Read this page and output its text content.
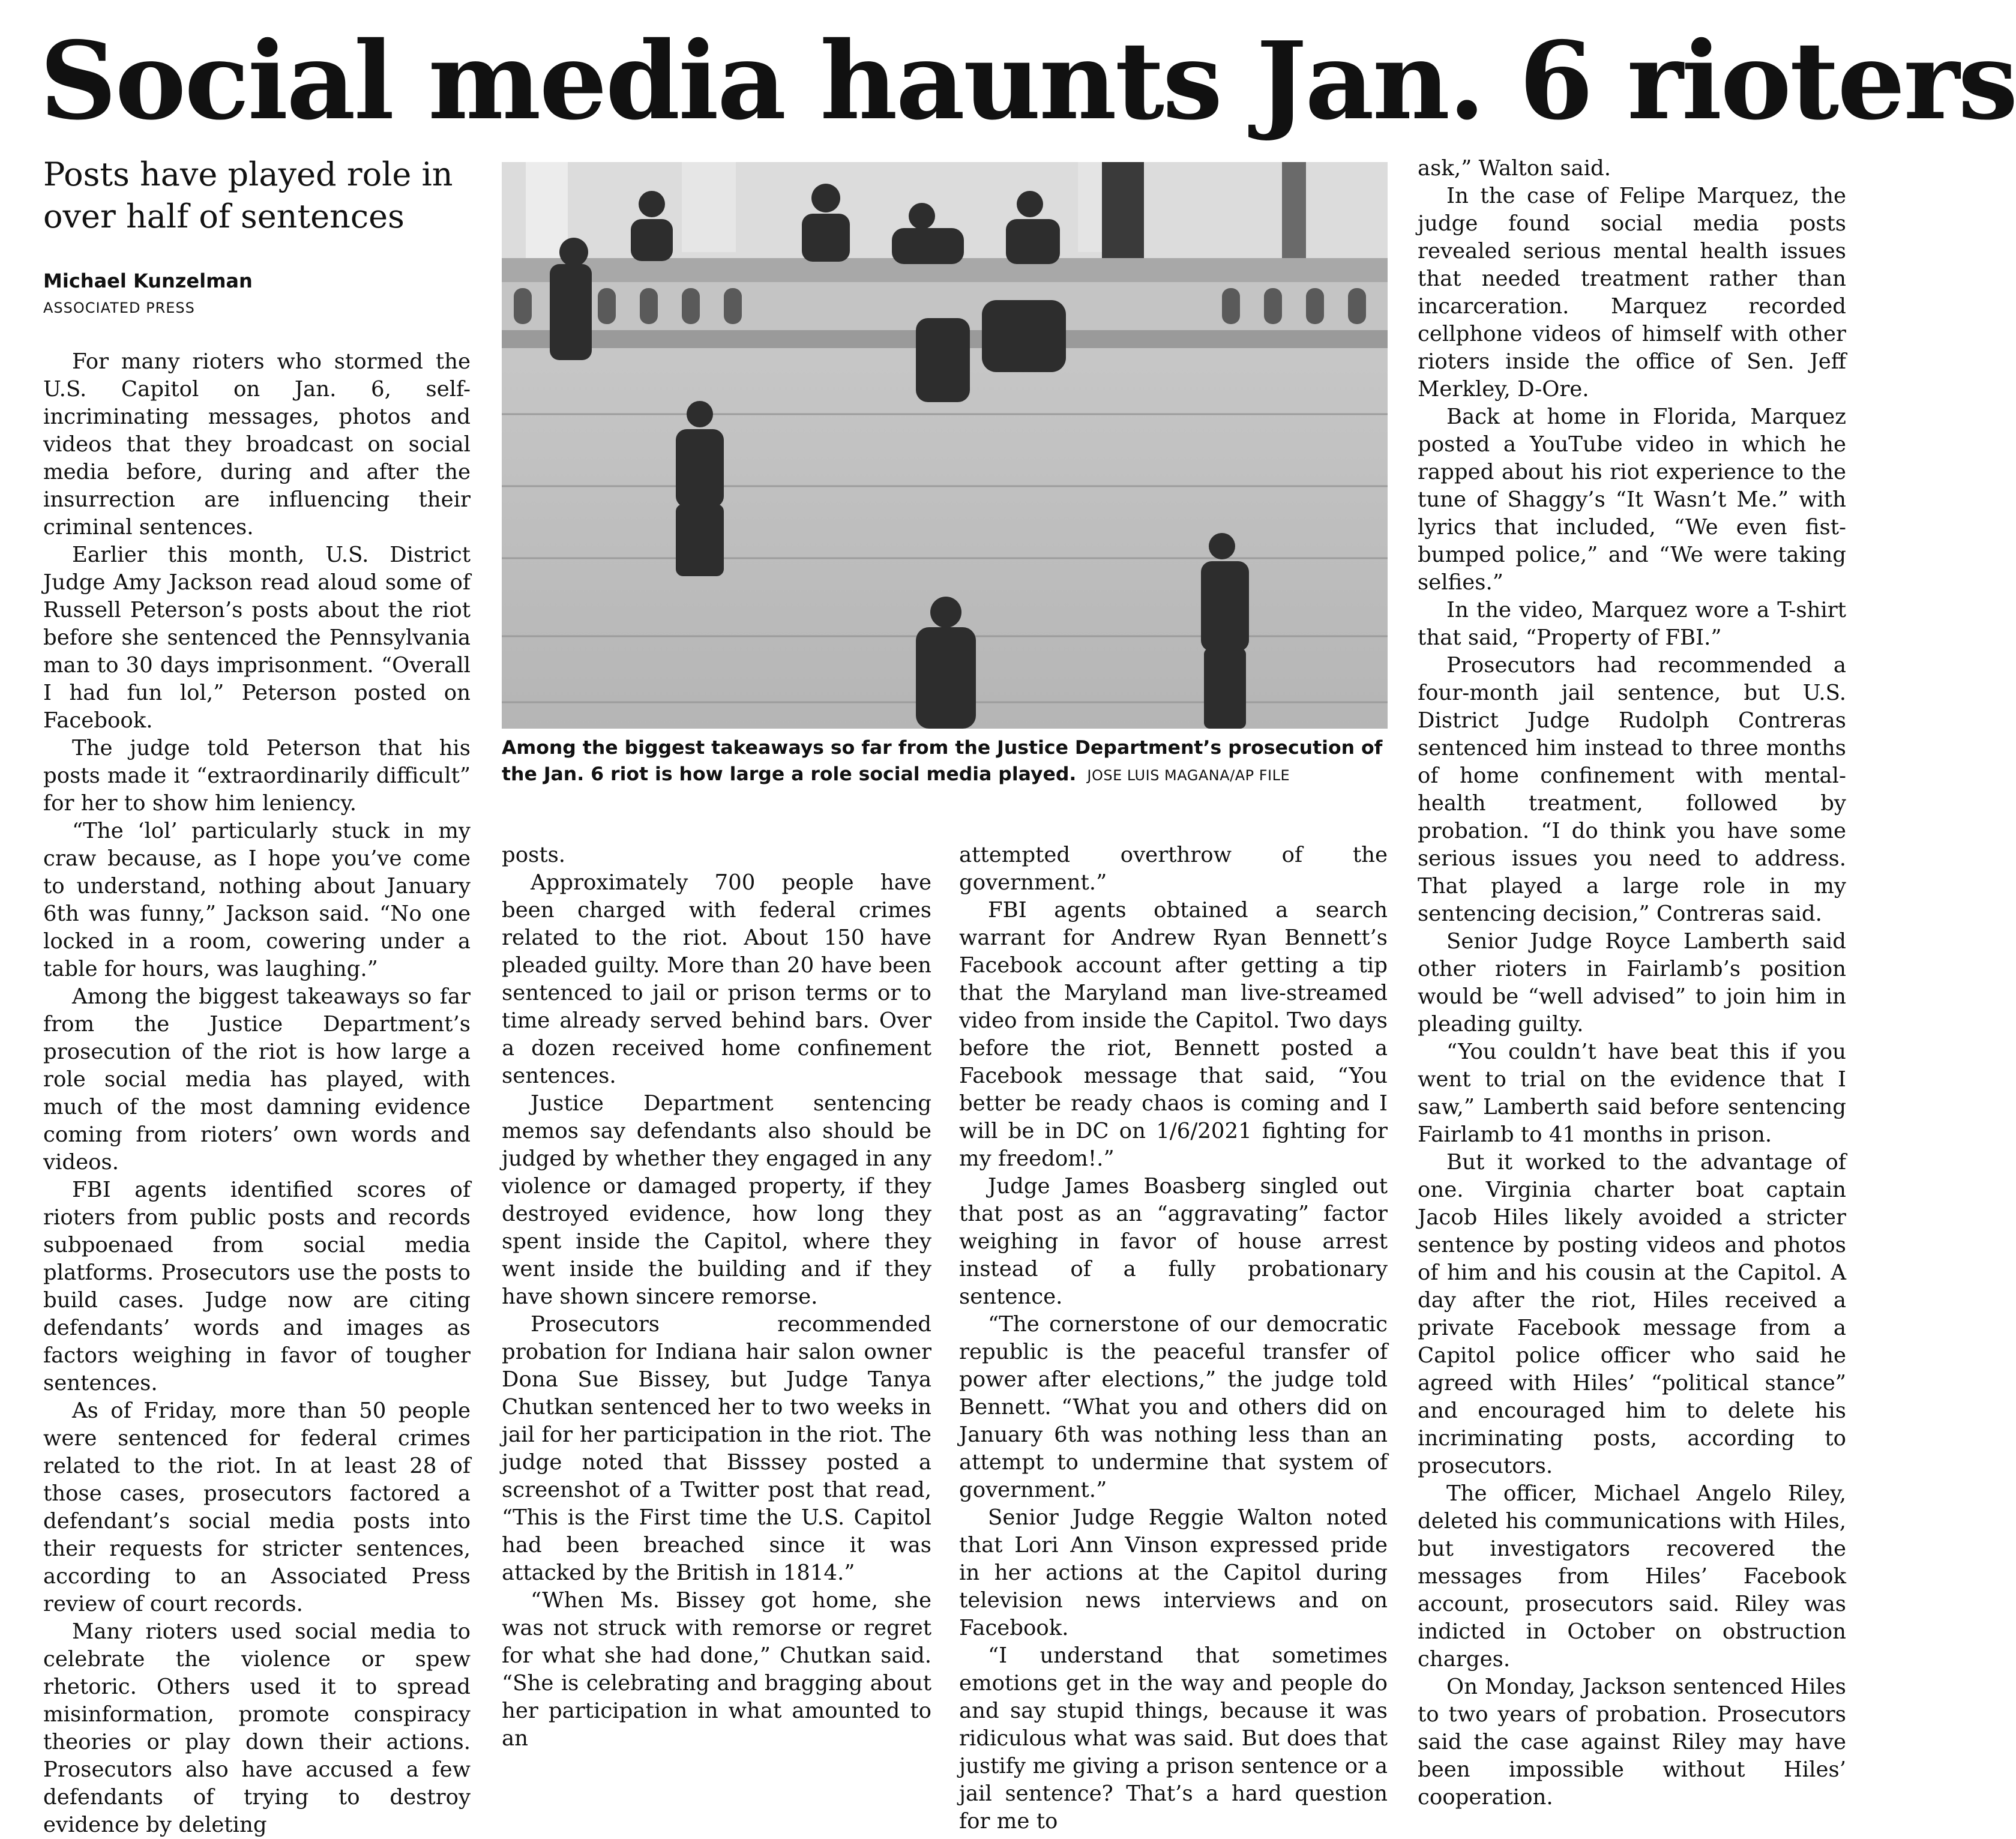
Social media haunts Jan. 6 rioters
Posts have played role in over half of sentences
Michael Kunzelman
ASSOCIATED PRESS

For many rioters who stormed the U.S. Capitol on Jan. 6, self-incriminating messages, photos and videos that they broadcast on social media before, during and after the insurrection are influencing their criminal sentences.

Earlier this month, U.S. District Judge Amy Jackson read aloud some of Russell Peterson’s posts about the riot before she sentenced the Pennsylvania man to 30 days imprisonment. “Overall I had fun lol,” Peterson posted on Facebook.

The judge told Peterson that his posts made it “extraordinarily difficult” for her to show him leniency.

“The ‘lol’ particularly stuck in my craw because, as I hope you’ve come to understand, nothing about January 6th was funny,” Jackson said. “No one locked in a room, cowering under a table for hours, was laughing.”

Among the biggest takeaways so far from the Justice Department’s prosecution of the riot is how large a role social media has played, with much of the most damning evidence coming from rioters’ own words and videos.

FBI agents identified scores of rioters from public posts and records subpoenaed from social media platforms. Prosecutors use the posts to build cases. Judge now are citing defendants’ words and images as factors weighing in favor of tougher sentences.

As of Friday, more than 50 people were sentenced for federal crimes related to the riot. In at least 28 of those cases, prosecutors factored a defendant’s social media posts into their requests for stricter sentences, according to an Associated Press review of court records.

Many rioters used social media to celebrate the violence or spew rhetoric. Others used it to spread misinformation, promote conspiracy theories or play down their actions. Prosecutors also have accused a few defendants of trying to destroy evidence by deleting

Among the biggest takeaways so far from the Justice Department’s prosecution of the Jan. 6 riot is how large a role social media played. JOSE LUIS MAGANA/AP FILE

posts.

Approximately 700 people have been charged with federal crimes related to the riot. About 150 have pleaded guilty. More than 20 have been sentenced to jail or prison terms or to time already served behind bars. Over a dozen received home confinement sentences.

Justice Department sentencing memos say defendants also should be judged by whether they engaged in any violence or damaged property, if they destroyed evidence, how long they spent inside the Capitol, where they went inside the building and if they have shown sincere remorse.

Prosecutors recommended probation for Indiana hair salon owner Dona Sue Bissey, but Judge Tanya Chutkan sentenced her to two weeks in jail for her participation in the riot. The judge noted that Bisssey posted a screenshot of a Twitter post that read, “This is the First time the U.S. Capitol had been breached since it was attacked by the British in 1814.”

“When Ms. Bissey got home, she was not struck with remorse or regret for what she had done,” Chutkan said. “She is celebrating and bragging about her participation in what amounted to an

attempted overthrow of the government.”

FBI agents obtained a search warrant for Andrew Ryan Bennett’s Facebook account after getting a tip that the Maryland man live-streamed video from inside the Capitol. Two days before the riot, Bennett posted a Facebook message that said, “You better be ready chaos is coming and I will be in DC on 1/6/2021 fighting for my freedom!.”

Judge James Boasberg singled out that post as an “aggravating” factor weighing in favor of house arrest instead of a fully probationary sentence.

“The cornerstone of our democratic republic is the peaceful transfer of power after elections,” the judge told Bennett. “What you and others did on January 6th was nothing less than an attempt to undermine that system of government.”

Senior Judge Reggie Walton noted that Lori Ann Vinson expressed pride in her actions at the Capitol during television news interviews and on Facebook.

“I understand that sometimes emotions get in the way and people do and say stupid things, because it was ridiculous what was said. But does that justify me giving a prison sentence or a jail sentence? That’s a hard question for me to

ask,” Walton said.

In the case of Felipe Marquez, the judge found social media posts revealed serious mental health issues that needed treatment rather than incarceration. Marquez recorded cellphone videos of himself with other rioters inside the office of Sen. Jeff Merkley, D-Ore.

Back at home in Florida, Marquez posted a YouTube video in which he rapped about his riot experience to the tune of Shaggy’s “It Wasn’t Me.” with lyrics that included, “We even fist-bumped police,” and “We were taking selfies.”

In the video, Marquez wore a T-shirt that said, “Property of FBI.”

Prosecutors had recommended a four-month jail sentence, but U.S. District Judge Rudolph Contreras sentenced him instead to three months of home confinement with mental-health treatment, followed by probation. “I do think you have some serious issues you need to address. That played a large role in my sentencing decision,” Contreras said.

Senior Judge Royce Lamberth said other rioters in Fairlamb’s position would be “well advised” to join him in pleading guilty.

“You couldn’t have beat this if you went to trial on the evidence that I saw,” Lamberth said before sentencing Fairlamb to 41 months in prison.

But it worked to the advantage of one. Virginia charter boat captain Jacob Hiles likely avoided a stricter sentence by posting videos and photos of him and his cousin at the Capitol. A day after the riot, Hiles received a private Facebook message from a Capitol police officer who said he agreed with Hiles’ “political stance” and encouraged him to delete his incriminating posts, according to prosecutors.

The officer, Michael Angelo Riley, deleted his communications with Hiles, but investigators recovered the messages from Hiles’ Facebook account, prosecutors said. Riley was indicted in October on obstruction charges.

On Monday, Jackson sentenced Hiles to two years of probation. Prosecutors said the case against Riley may have been impossible without Hiles’ cooperation.
